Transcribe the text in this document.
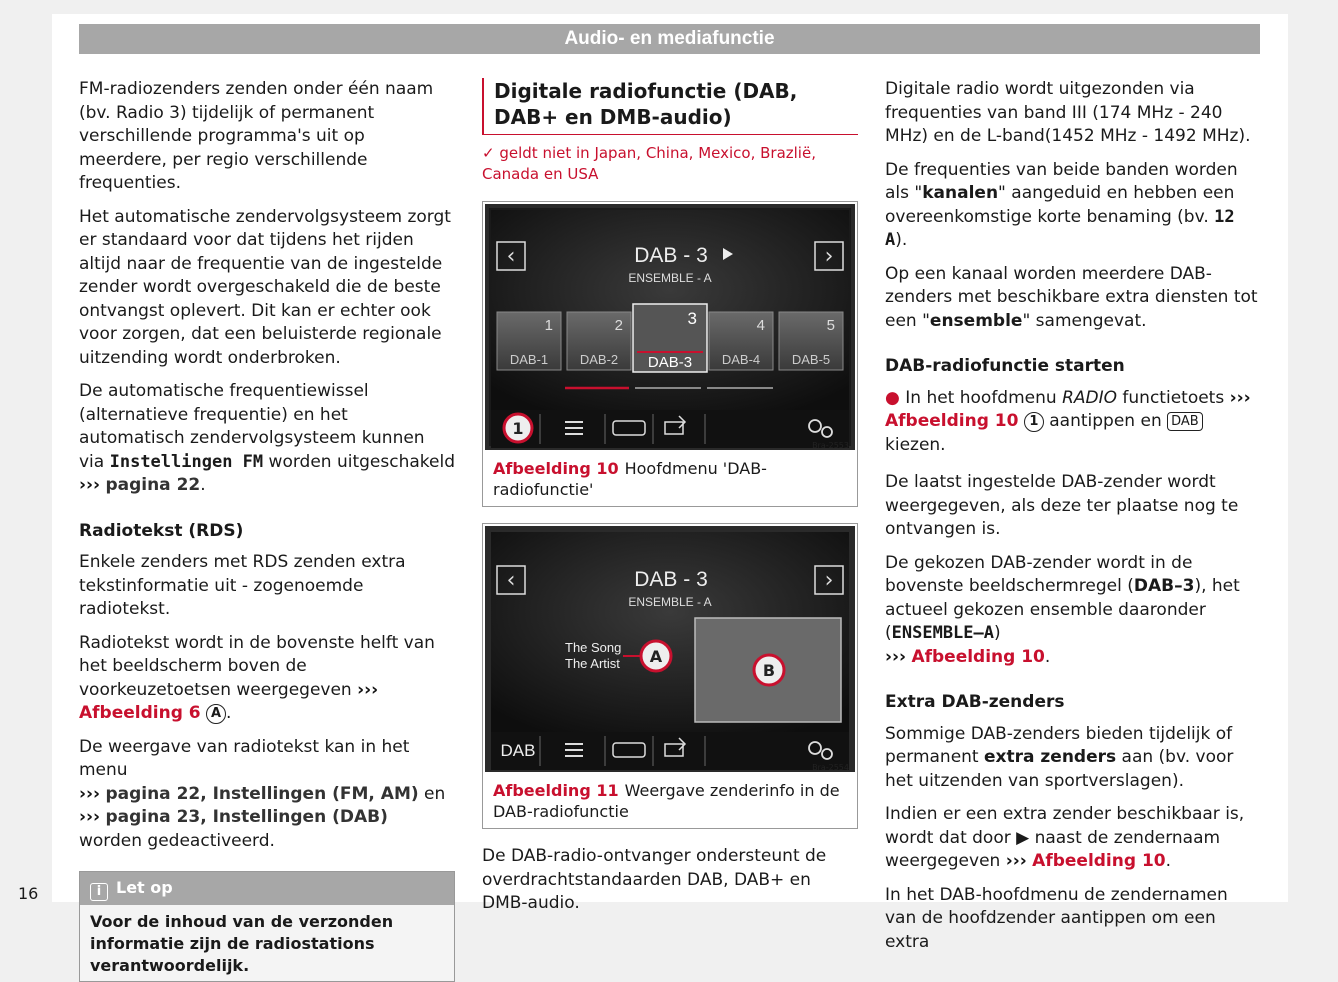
Audio- en mediafunctie
16

FM-radiozenders zenden onder één naam (bv. Radio 3) tijdelijk of permanent verschillende programma's uit op meerdere, per regio verschillende frequenties.

Het automatische zendervolgsysteem zorgt er standaard voor dat tijdens het rijden altijd naar de frequentie van de ingestelde zender wordt overgeschakeld die de beste ontvangst oplevert. Dit kan er echter ook voor zorgen, dat een beluisterde regionale uitzending wordt onderbroken.

De automatische frequentiewissel (alternatieve frequentie) en het automatisch zendervolgsysteem kunnen via Instellingen FM worden uitgeschakeld ››› pagina 22.

Radiotekst (RDS)

Enkele zenders met RDS zenden extra tekstinformatie uit - zogenoemde radiotekst.

Radiotekst wordt in de bovenste helft van het beeldscherm boven de voorkeuzetoetsen weergegeven ››› Afbeelding 6 A .

De weergave van radiotekst kan in het menu
››› pagina 22, Instellingen (FM, AM) en
››› pagina 23, Instellingen (DAB) worden gedeactiveerd.

i Let op
Voor de inhoud van de verzonden informatie zijn de radiostations verantwoordelijk.
Digitale radiofunctie (DAB, DAB+ en DMB-audio)
✓ geldt niet in Japan, China, Mexico, Brazlië, Canada en USA
‹	›
DAB - 3
ENSEMBLE - A
1
DAB-1
2
DAB-2
3
DAB-3
4
DAB-4
5
DAB-5
1
Bra-2553
Afbeelding 10 Hoofdmenu 'DAB-radiofunctie'
‹	›
DAB - 3
ENSEMBLE - A
The Song
The Artist A
B
DAB
Bra-2554
Afbeelding 11 Weergave zenderinfo in de DAB-radiofunctie

De DAB-radio-ontvanger ondersteunt de overdrachtstandaarden DAB, DAB+ en DMB-audio.

Digitale radio wordt uitgezonden via frequenties van band III (174 MHz - 240 MHz) en de L-band(1452 MHz - 1492 MHz).

De frequenties van beide banden worden als "kanalen" aangeduid en hebben een overeenkomstige korte benaming (bv. 12 A).

Op een kanaal worden meerdere DAB-zenders met beschikbare extra diensten tot een "ensemble" samengevat.

DAB-radiofunctie starten

● In het hoofdmenu RADIO functietoets ››› Afbeelding 10 1 aantippen en DAB kiezen.

De laatst ingestelde DAB-zender wordt weergegeven, als deze ter plaatse nog te ontvangen is.

De gekozen DAB-zender wordt in de bovenste beeldschermregel (DAB–3), het actueel gekozen ensemble daaronder (ENSEMBLE–A)
››› Afbeelding 10.

Extra DAB-zenders

Sommige DAB-zenders bieden tijdelijk of permanent extra zenders aan (bv. voor het uitzenden van sportverslagen).

Indien er een extra zender beschikbaar is, wordt dat door ▶ naast de zendernaam weergegeven ››› Afbeelding 10.

In het DAB-hoofdmenu de zendernamen van de hoofdzender aantippen om een extra
